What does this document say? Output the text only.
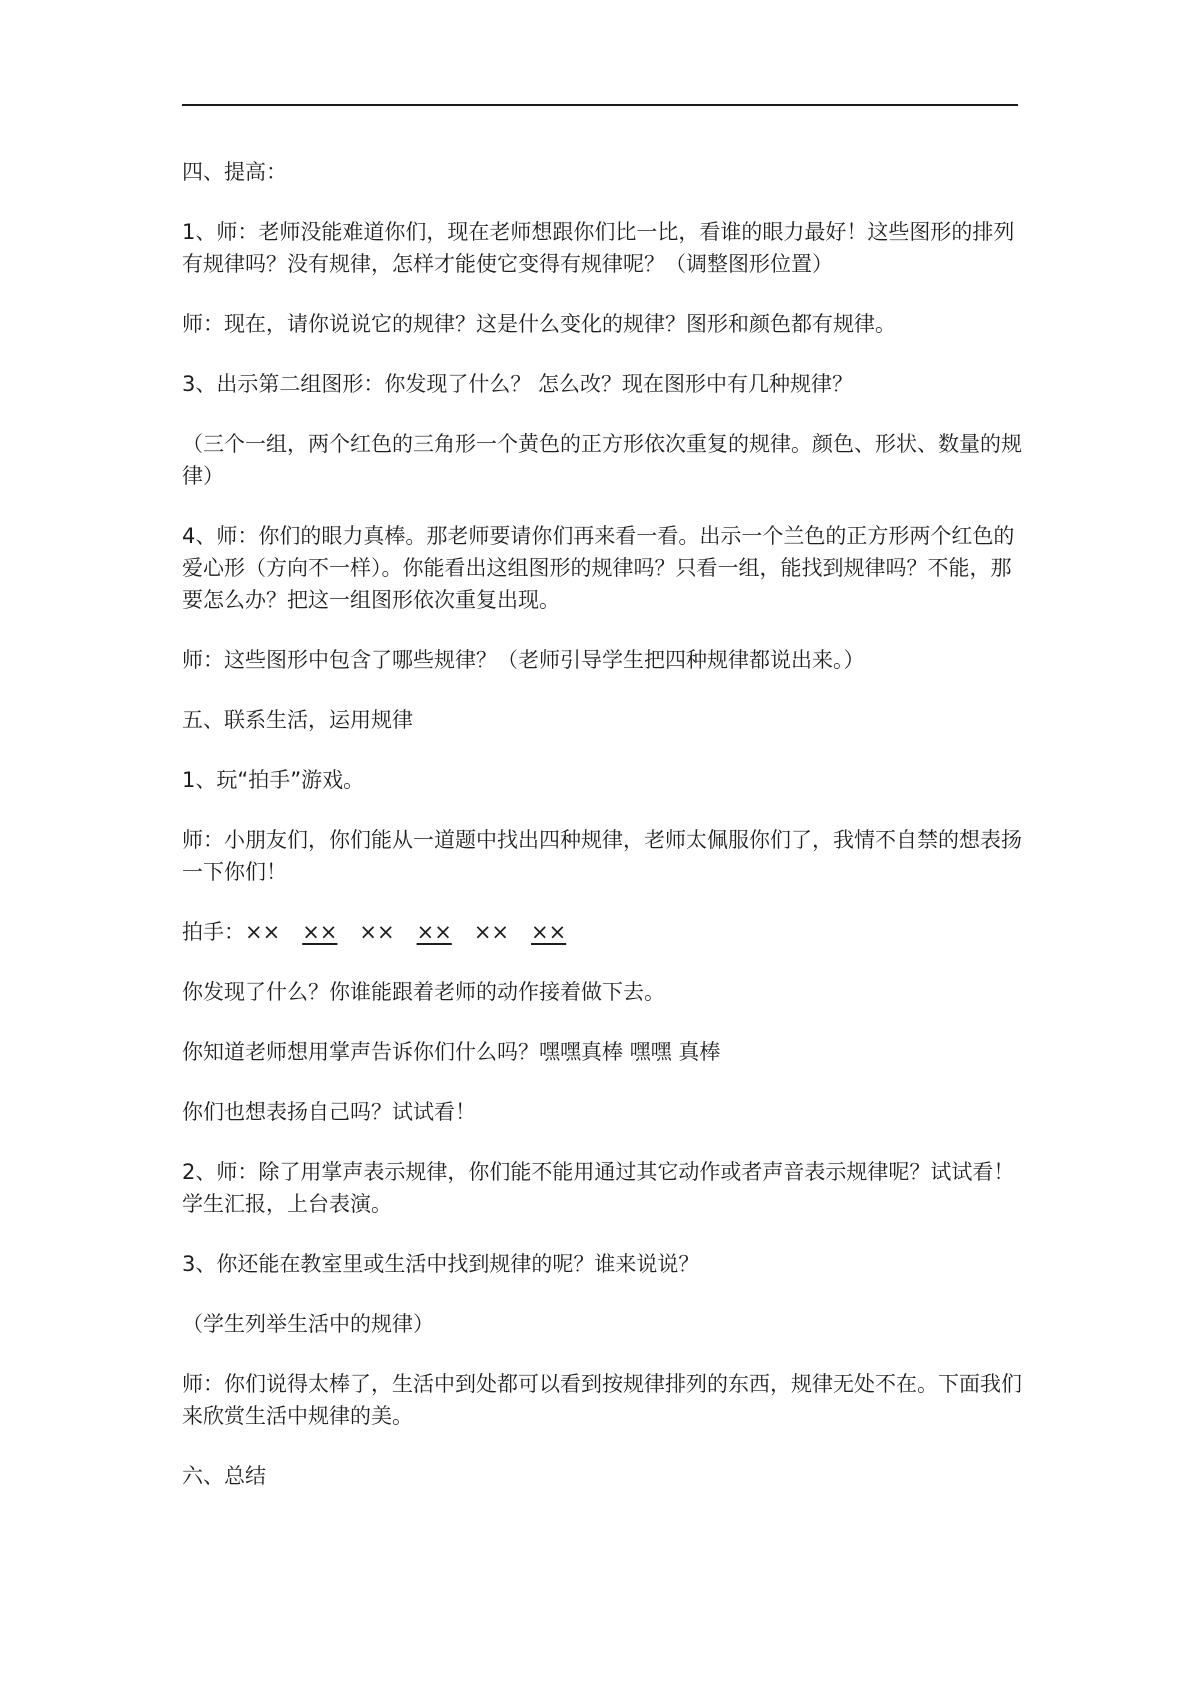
四、提高：

1、师：老师没能难道你们，现在老师想跟你们比一比，看谁的眼力最好！这些图形的排列有规律吗？没有规律，怎样才能使它变得有规律呢？（调整图形位置）

师：现在，请你说说它的规律？这是什么变化的规律？图形和颜色都有规律。

3、出示第二组图形：你发现了什么？ 怎么改？现在图形中有几种规律？

（三个一组，两个红色的三角形一个黄色的正方形依次重复的规律。颜色、形状、数量的规律）

4、师：你们的眼力真棒。那老师要请你们再来看一看。出示一个兰色的正方形两个红色的爱心形（方向不一样）。你能看出这组图形的规律吗？只看一组，能找到规律吗？不能，那要怎么办？把这一组图形依次重复出现。

师：这些图形中包含了哪些规律？（老师引导学生把四种规律都说出来。）

五、联系生活，运用规律

1、玩“拍手”游戏。

师：小朋友们，你们能从一道题中找出四种规律，老师太佩服你们了，我情不自禁的想表扬一下你们！

拍手：×× ×× ×× ×× ×× ××

你发现了什么？你谁能跟着老师的动作接着做下去。

你知道老师想用掌声告诉你们什么吗？嘿嘿真棒 嘿嘿 真棒

你们也想表扬自己吗？试试看！

2、师：除了用掌声表示规律，你们能不能用通过其它动作或者声音表示规律呢？试试看！学生汇报，上台表演。

3、你还能在教室里或生活中找到规律的呢？谁来说说？

（学生列举生活中的规律）

师：你们说得太棒了，生活中到处都可以看到按规律排列的东西，规律无处不在。下面我们来欣赏生活中规律的美。

六、总结
